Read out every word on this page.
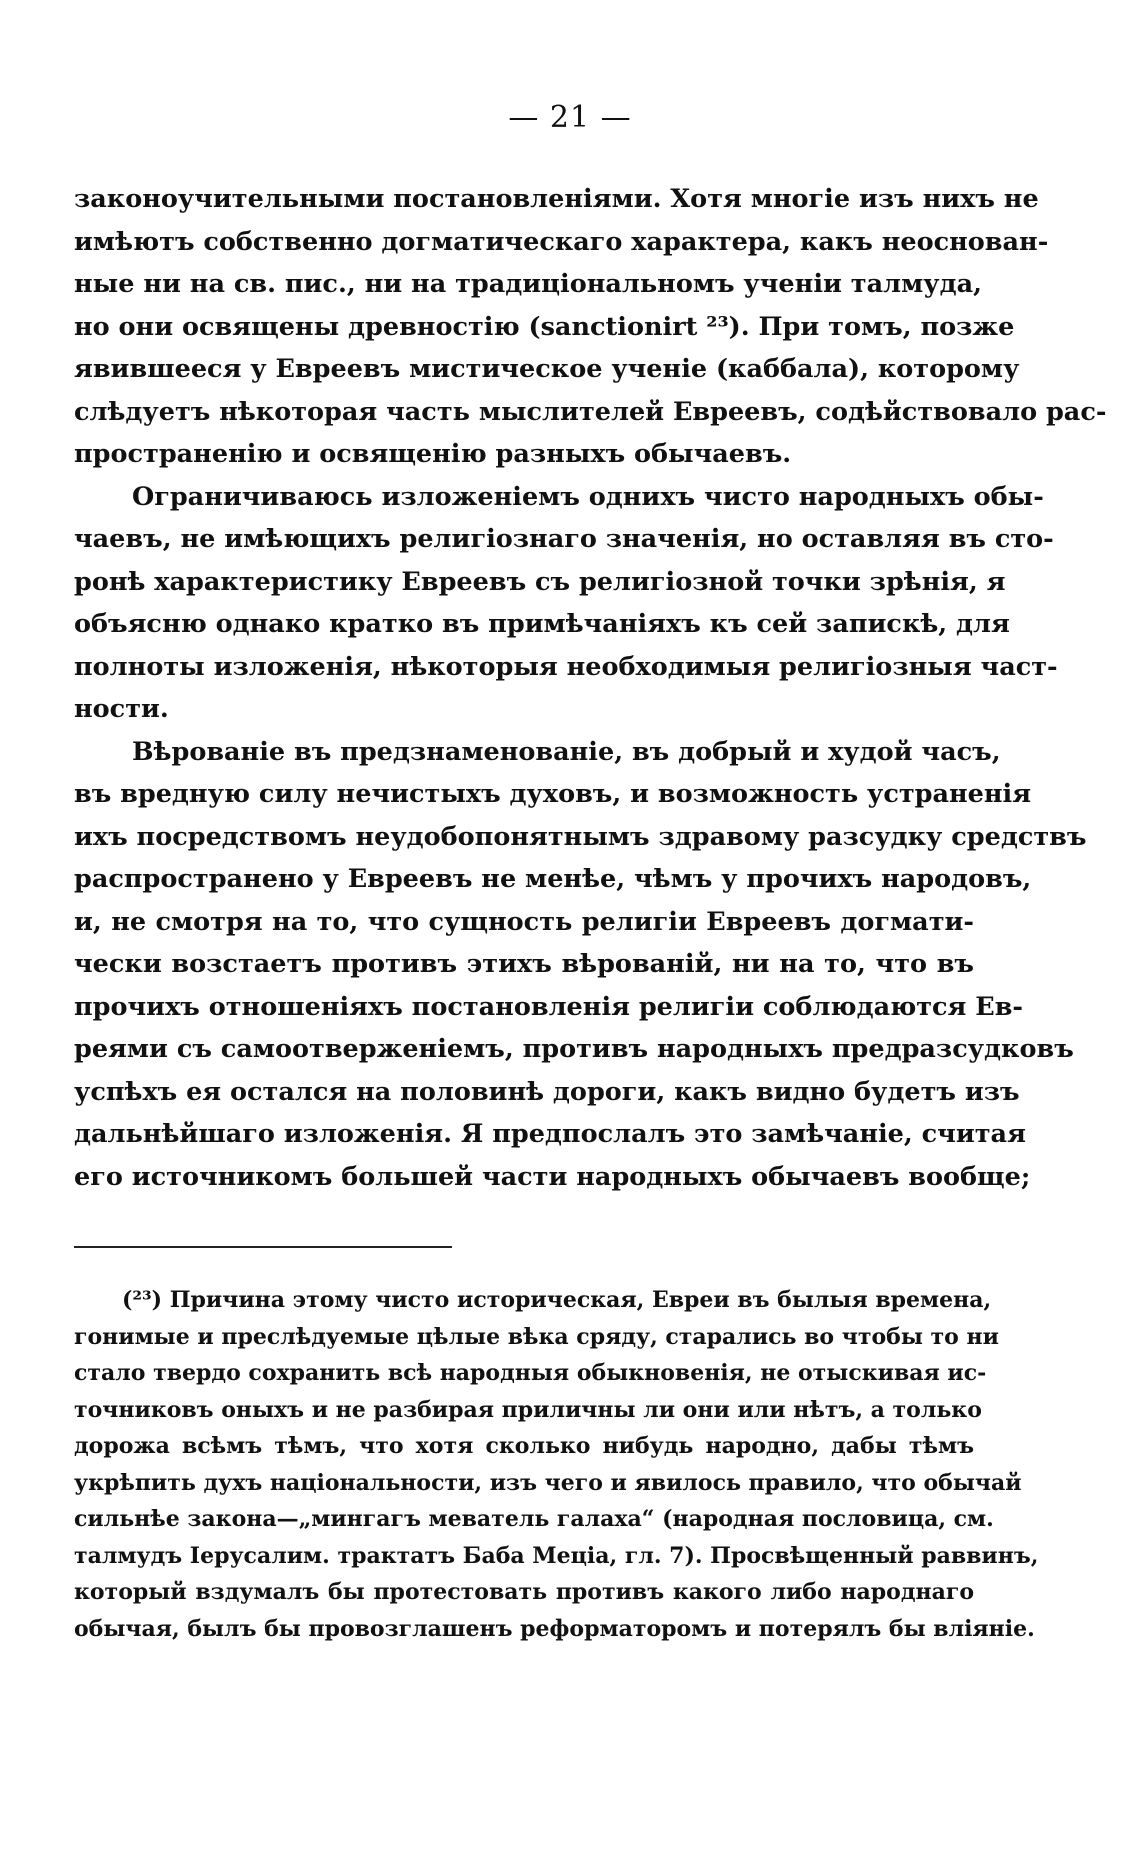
— 21 —

законоучительными постановленіями. Хотя многіе изъ нихъ не
имѣютъ собственно догматическаго характера, какъ неоснован-
ные ни на св. пис., ни на традиціональномъ ученіи талмуда,
но они освящены древностію (sanctionirt ²³). При томъ, позже
явившееся у Евреевъ мистическое ученіе (каббала), которому
слѣдуетъ нѣкоторая часть мыслителей Евреевъ, содѣйствовало рас-
пространенію и освященію разныхъ обычаевъ.
Ограничиваюсь изложеніемъ однихъ чисто народныхъ обы-
чаевъ, не имѣющихъ религіознаго значенія, но оставляя въ сто-
ронѣ характеристику Евреевъ съ религіозной точки зрѣнія, я
объясню однако кратко въ примѣчаніяхъ къ сей запискѣ, для
полноты изложенія, нѣкоторыя необходимыя религіозныя част-
ности.
Вѣрованіе въ предзнаменованіе, въ добрый и худой часъ,
въ вредную силу нечистыхъ духовъ, и возможность устраненія
ихъ посредствомъ неудобопонятнымъ здравому разсудку средствъ
распространено у Евреевъ не менѣе, чѣмъ у прочихъ народовъ,
и, не смотря на то, что сущность религіи Евреевъ догмати-
чески возстаетъ противъ этихъ вѣрованій, ни на то, что въ
прочихъ отношеніяхъ постановленія религіи соблюдаются Ев-
реями съ самоотверженіемъ, противъ народныхъ предразсудковъ
успѣхъ ея остался на половинѣ дороги, какъ видно будетъ изъ
дальнѣйшаго изложенія. Я предпослалъ это замѣчаніе, считая
его источникомъ большей части народныхъ обычаевъ вообще;
(²³) Причина этому чисто историческая, Евреи въ былыя времена,
гонимые и преслѣдуемые цѣлые вѣка сряду, старались во чтобы то ни
стало твердо сохранить всѣ народныя обыкновенія, не отыскивая ис-
точниковъ оныхъ и не разбирая приличны ли они или нѣтъ, а только
дорожа всѣмъ тѣмъ, что хотя сколько нибудь народно, дабы тѣмъ
укрѣпить духъ національности, изъ чего и явилось правило, что обычай
сильнѣе закона—„мингагъ меватель галаха“ (народная пословица, см.
талмудъ Іерусалим. трактатъ Баба Меціа, гл. 7). Просвѣщенный раввинъ,
который вздумалъ бы протестовать противъ какого либо народнаго
обычая, былъ бы провозглашенъ реформаторомъ и потерялъ бы вліяніе.
